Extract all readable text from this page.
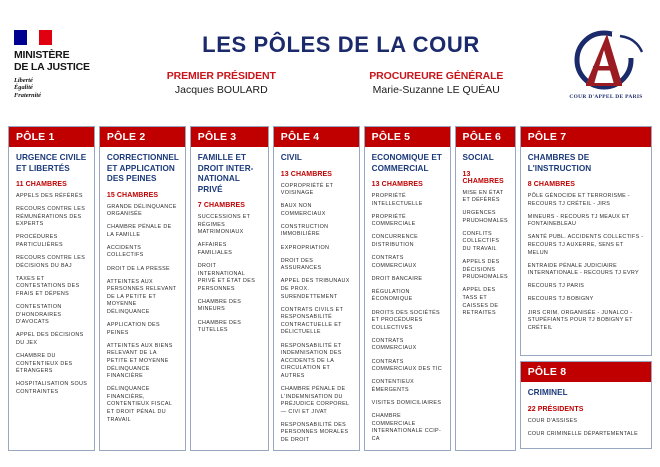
MINISTÈRE
DE LA JUSTICE
Liberté
Égalité
Fraternité
LES PÔLES DE LA COUR
PREMIER PRÉSIDENT
Jacques BOULARD
PROCUREURE GÉNÉRALE
Marie-Suzanne LE QUÉAU
COUR D'APPEL DE PARIS
PÔLE 1
URGENCE CIVILE ET LIBERTÉS
11 CHAMBRES
APPELS DES RÉFÉRÉS
RECOURS CONTRE LES RÉMUNÉRATIONS DES EXPERTS
PROCÉDURES PARTICULIÈRES
RECOURS CONTRE LES DÉCISIONS DU BAJ
TAXES ET CONTESTATIONS DES FRAIS ET DÉPENS
CONTESTATION D'HONORAIRES D'AVOCATS
APPEL DES DÉCISIONS DU JEX
CHAMBRE DU CONTENTIEUX DES ÉTRANGERS
HOSPITALISATION SOUS CONTRAINTES
PÔLE 2
CORRECTIONNEL ET APPLICATION DES PEINES
15 CHAMBRES
GRANDE DÉLINQUANCE ORGANISÉE
CHAMBRE PÉNALE DE LA FAMILLE
ACCIDENTS COLLECTIFS
DROIT DE LA PRESSE
ATTEINTES AUX PERSONNES RELEVANT DE LA PETITE ET MOYENNE DÉLINQUANCE
APPLICATION DES PEINES
ATTEINTES AUX BIENS RELEVANT DE LA PETITE ET MOYENNE DÉLINQUANCE FINANCIÈRE
DÉLINQUANCE FINANCIÈRE, CONTENTIEUX FISCAL ET DROIT PÉNAL DU TRAVAIL
PÔLE 3
FAMILLE ET DROIT INTER-NATIONAL PRIVÉ
7 CHAMBRES
SUCCESSIONS ET RÉGIMES MATRIMONIAUX
AFFAIRES FAMILIALES
DROIT INTERNATIONAL PRIVÉ ET ÉTAT DES PERSONNES
CHAMBRE DES MINEURS
CHAMBRE DES TUTELLES
PÔLE 4
CIVIL
13 CHAMBRES
COPROPRIÉTÉ ET VOISINAGE
BAUX NON COMMERCIAUX
CONSTRUCTION IMMOBILIÈRE
EXPROPRIATION
DROIT DES ASSURANCES
APPEL DES TRIBUNAUX DE PROX. SURENDETTEMENT
CONTRATS CIVILS ET RESPONSABILITÉ CONTRACTUELLE ET DÉLICTUELLE
RESPONSABILITÉ ET INDEMNISATION DES ACCIDENTS DE LA CIRCULATION ET AUTRES
CHAMBRE PÉNALE DE L'INDEMNISATION DU PRÉJUDICE CORPOREL — CIVI ET JIVAT
RESPONSABILITÉ DES PERSONNES MORALES DE DROIT
PÔLE 5
ECONOMIQUE ET COMMERCIAL
13 CHAMBRES
PROPRIÉTÉ INTELLECTUELLE
PROPRIÉTÉ COMMERCIALE
CONCURRENCE DISTRIBUTION
CONTRATS COMMERCIAUX
DROIT BANCAIRE
RÉGULATION ÉCONOMIQUE
DROITS DES SOCIÉTÉS ET PROCÉDURES COLLECTIVES
CONTRATS COMMERCIAUX
CONTRATS COMMERCIAUX DES TIC
CONTENTIEUX ÉMERGENTS
VISITES DOMICILIAIRES
CHAMBRE COMMERCIALE INTERNATIONALE CCIP-CA
PÔLE 6
SOCIAL
13 CHAMBRES
MISE EN ÉTAT ET DÉFÉRÉS
URGENCES PRUDHOMALES
CONFLITS COLLECTIFS DU TRAVAIL
APPELS DES DÉCISIONS PRUDHOMALES
APPEL DES TASS ET CAISSES DE RETRAITES
PÔLE 7
CHAMBRES DE L'INSTRUCTION
8 CHAMBRES
PÔLE GÉNOCIDE ET TERRORISME - RECOURS TJ CRÉTEIL - JIRS
MINEURS - RECOURS TJ MEAUX ET FONTAINEBLEAU
SANTÉ PUBL. ACCIDENTS COLLECTIFS - RECOURS TJ AUXERRE, SENS ET MELUN
ENTRAIDE PÉNALE JUDICIAIRE INTERNATIONALE - RECOURS TJ EVRY
RECOURS TJ PARIS
RECOURS TJ BOBIGNY
JIRS CRIM. ORGANISÉE - JUNALCO - STUPÉFIANTS POUR TJ BOBIGNY ET CRÉTEIL
PÔLE 8
CRIMINEL
22 PRÉSIDENTS
COUR D'ASSISES
COUR CRIMINELLE DÉPARTEMENTALE
